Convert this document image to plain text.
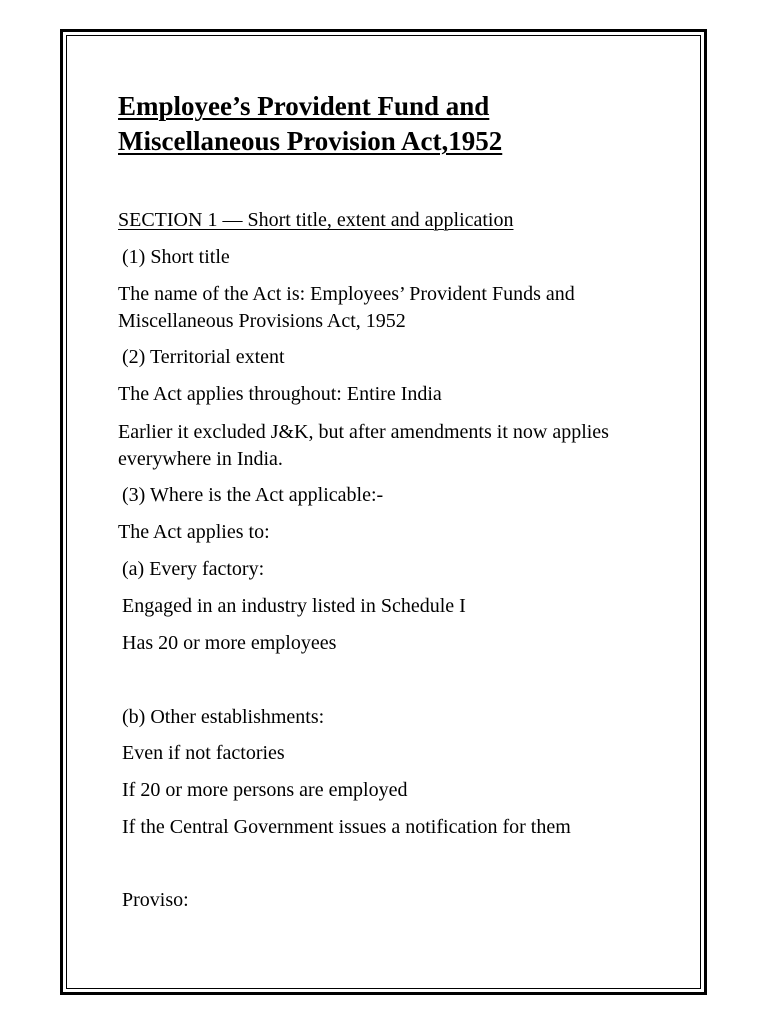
Employee’s Provident Fund and
Miscellaneous Provision Act,1952
SECTION 1 — Short title, extent and application
(1) Short title
The name of the Act is: Employees’ Provident Funds and
Miscellaneous Provisions Act, 1952
(2) Territorial extent
The Act applies throughout: Entire India
Earlier it excluded J&K, but after amendments it now applies
everywhere in India.
(3) Where is the Act applicable:-
The Act applies to:
(a) Every factory:
Engaged in an industry listed in Schedule I
Has 20 or more employees
(b) Other establishments:
Even if not factories
If 20 or more persons are employed
If the Central Government issues a notification for them
Proviso:
